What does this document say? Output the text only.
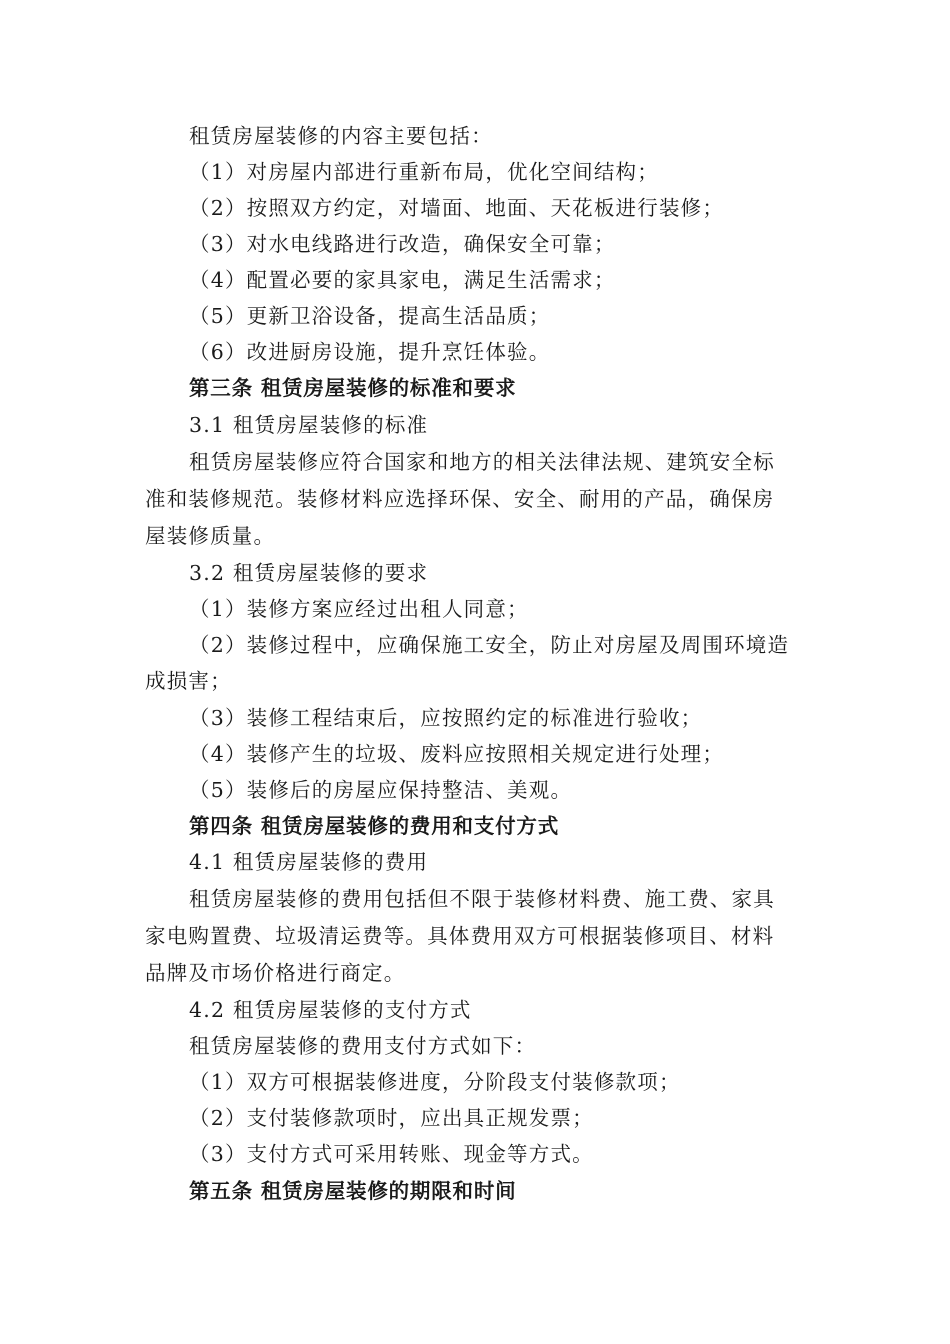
租赁房屋装修的内容主要包括：
（1）对房屋内部进行重新布局，优化空间结构；
（2）按照双方约定，对墙面、地面、天花板进行装修；
（3）对水电线路进行改造，确保安全可靠；
（4）配置必要的家具家电，满足生活需求；
（5）更新卫浴设备，提高生活品质；
（6）改进厨房设施，提升烹饪体验。
第三条 租赁房屋装修的标准和要求
3.1 租赁房屋装修的标准
租赁房屋装修应符合国家和地方的相关法律法规、建筑安全标
准和装修规范。装修材料应选择环保、安全、耐用的产品，确保房
屋装修质量。
3.2 租赁房屋装修的要求
（1）装修方案应经过出租人同意；
（2）装修过程中，应确保施工安全，防止对房屋及周围环境造
成损害；
（3）装修工程结束后，应按照约定的标准进行验收；
（4）装修产生的垃圾、废料应按照相关规定进行处理；
（5）装修后的房屋应保持整洁、美观。
第四条 租赁房屋装修的费用和支付方式
4.1 租赁房屋装修的费用
租赁房屋装修的费用包括但不限于装修材料费、施工费、家具
家电购置费、垃圾清运费等。具体费用双方可根据装修项目、材料
品牌及市场价格进行商定。
4.2 租赁房屋装修的支付方式
租赁房屋装修的费用支付方式如下：
（1）双方可根据装修进度，分阶段支付装修款项；
（2）支付装修款项时，应出具正规发票；
（3）支付方式可采用转账、现金等方式。
第五条 租赁房屋装修的期限和时间
